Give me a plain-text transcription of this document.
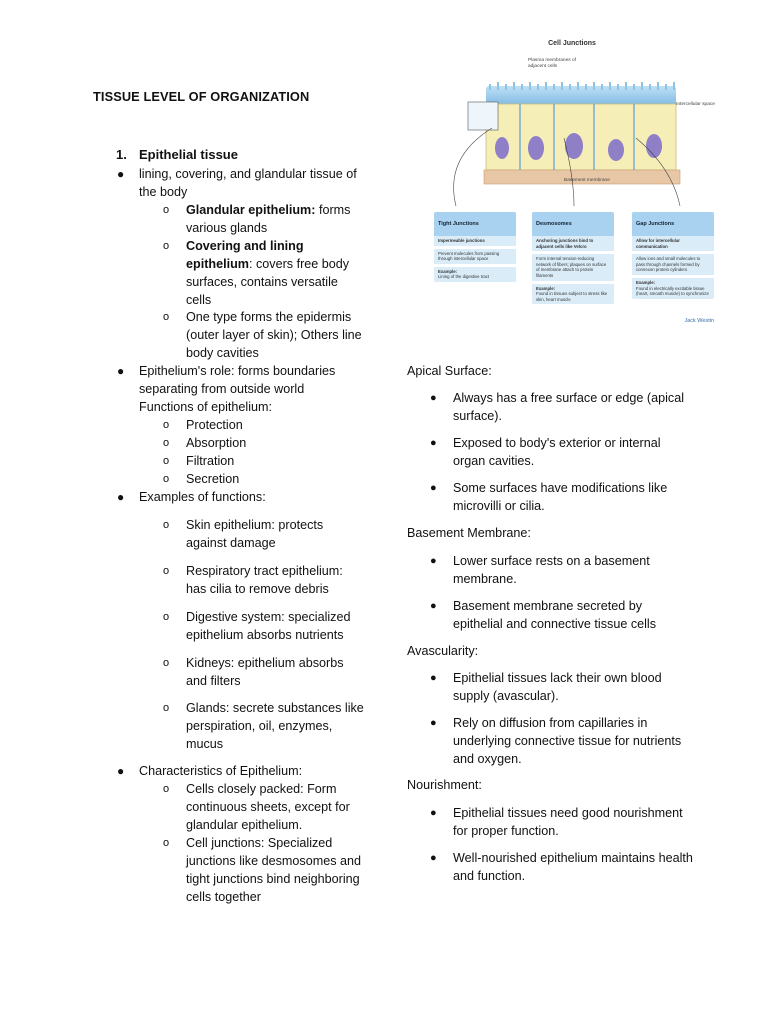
TISSUE LEVEL OF ORGANIZATION
1. Epithelial tissue
●	lining, covering, and glandular tissue of the body
o Glandular epithelium: forms various glands
o Covering and lining epithelium: covers free body surfaces, contains versatile cells
o One type forms the epidermis (outer layer of skin); Others line body cavities
●	Epithelium's role: forms boundaries separating from outside world
Functions of epithelium:
o Protection
o Absorption
o Filtration
o Secretion
●	Examples of functions:
o Skin epithelium: protects against damage
o Respiratory tract epithelium: has cilia to remove debris
o Digestive system: specialized epithelium absorbs nutrients
o Kidneys: epithelium absorbs and filters
o Glands: secrete substances like perspiration, oil, enzymes, mucus
●	Characteristics of Epithelium:
o Cells closely packed: Form continuous sheets, except for glandular epithelium.
o Cell junctions: Specialized junctions like desmosomes and tight junctions bind neighboring cells together
Cell Junctions
Plasma membranes of adjacent cells
Intercellular space
Basement membrane
Tight Junctions
Impermeable junctions
Prevent molecules from passing through intercellular space
Example:
Lining of the digestive tract
Desmosomes
Anchoring junctions bind to adjacent cells like Velcro
Form internal tension-reducing network of fibers; plaques on surface of membrane attach to protein filaments
Example:
Found in tissues subject to stress like skin, heart muscle
Gap Junctions
Allow for intercellular communication
Allow ions and small molecules to pass through channels formed by connexon protein cylinders
Example:
Found in electrically excitable tissue (heart, smooth muscle) to synchronize
Jack Westin
Apical Surface:
● Always has a free surface or edge (apical surface).
● Exposed to body's exterior or internal organ cavities.
● Some surfaces have modifications like microvilli or cilia.
Basement Membrane:
● Lower surface rests on a basement membrane.
● Basement membrane secreted by epithelial and connective tissue cells
Avascularity:
● Epithelial tissues lack their own blood supply (avascular).
● Rely on diffusion from capillaries in underlying connective tissue for nutrients and oxygen.
Nourishment:
● Epithelial tissues need good nourishment for proper function.
● Well-nourished epithelium maintains health and function.
